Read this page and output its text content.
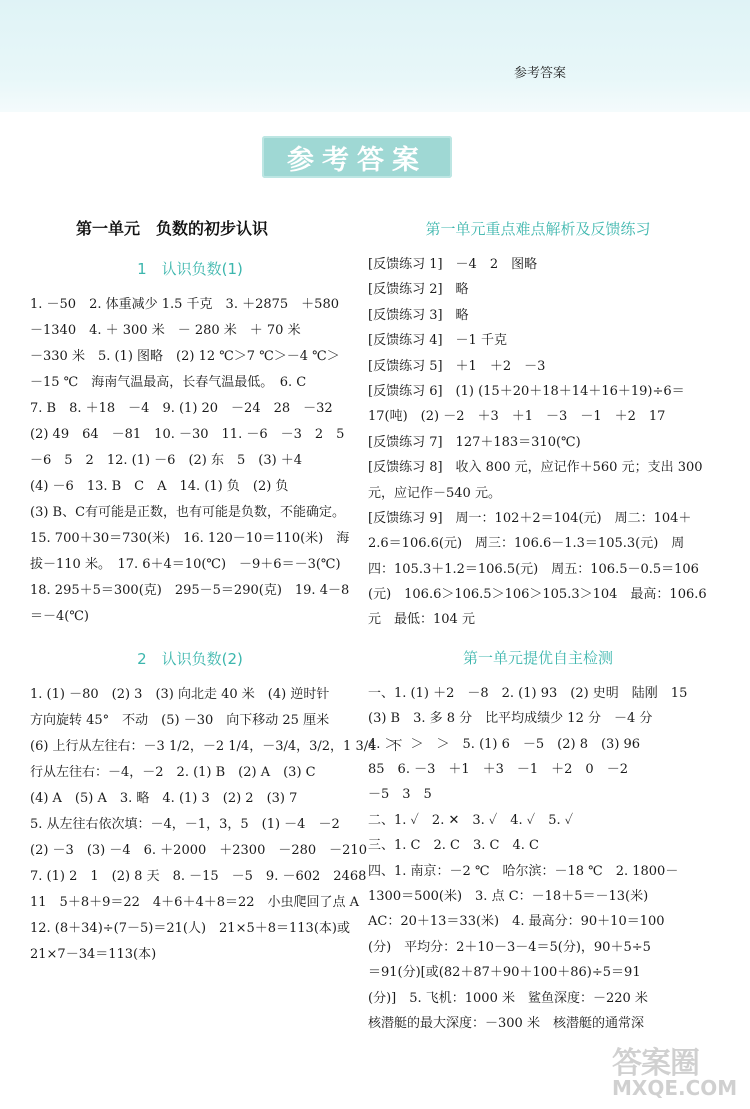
参考答案
参考答案
第一单元　负数的初步认识
1　认识负数(1)
1. －50　2. 体重减少 1.5 千克　3. ＋2875　＋580
－1340　4. ＋ 300 米　－ 280 米　＋ 70 米
－330 米　5. (1) 图略　(2) 12 ℃＞7 ℃＞－4 ℃＞
－15 ℃　海南气温最高，长春气温最低。　6. C
7. B　8. ＋18　－4　9. (1) 20　－24　28　－32
(2) 49　64　－81　10. －30　11. －6　－3　2　5
－6　5　2　12. (1) －6　(2) 东　5　(3) ＋4
(4) －6　13. B　C　A　14. (1) 负　(2) 负
(3) B、C有可能是正数，也有可能是负数，不能确定。
15. 700＋30＝730(米)　16. 120－10＝110(米)　海
拔－110 米。　17. 6＋4＝10(℃)　－9＋6＝－3(℃)
18. 295＋5＝300(克)　295－5＝290(克)　19. 4－8
＝－4(℃)
2　认识负数(2)
1. (1) －80　(2) 3　(3) 向北走 40 米　(4) 逆时针
方向旋转 45°　不动　(5) －30　向下移动 25 厘米
(6) 上行从左往右：－3 1/2，－2 1/4，－3/4，3/2，1 3/4　下
行从左往右：－4，－2　2. (1) B　(2) A　(3) C
(4) A　(5) A　3. 略　4. (1) 3　(2) 2　(3) 7
5. 从左往右依次填：－4，－1，3，5　(1) －4　－2
(2) －3　(3) －4　6. ＋2000　＋2300　－280　－210
7. (1) 2　1　(2) 8 天　8. －15　－5　9. －602　2468
11　5＋8＋9＝22　4＋6＋4＋8＝22　小虫爬回了点 A
12. (8＋34)÷(7－5)＝21(人)　21×5＋8＝113(本)或
21×7－34＝113(本)
第一单元重点难点解析及反馈练习
[反馈练习 1]　－4　2　图略
[反馈练习 2]　略
[反馈练习 3]　略
[反馈练习 4]　－1 千克
[反馈练习 5]　＋1　＋2　－3
[反馈练习 6]　(1) (15＋20＋18＋14＋16＋19)÷6＝
17(吨)　(2) －2　＋3　＋1　－3　－1　＋2　17
[反馈练习 7]　127＋183＝310(℃)
[反馈练习 8]　收入 800 元，应记作＋560 元；支出 300
元，应记作－540 元。
[反馈练习 9]　周一：102＋2＝104(元)　周二：104＋
2.6＝106.6(元)　周三：106.6－1.3＝105.3(元)　周
四：105.3＋1.2＝106.5(元)　周五：106.5－0.5＝106
(元)　106.6＞106.5＞106＞105.3＞104　最高：106.6
元　最低：104 元
第一单元提优自主检测
一、1. (1) ＋2　－8　2. (1) 93　(2) 史明　陆刚　15
(3) B　3. 多 8 分　比平均成绩少 12 分　－4 分
4. ＞　＞　＞　5. (1) 6　－5　(2) 8　(3) 96
85　6. －3　＋1　＋3　－1　＋2　0　－2
－5　3　5
二、1. ✓　2. ✕　3. ✓　4. ✓　5. ✓
三、1. C　2. C　3. C　4. C
四、1. 南京：－2 ℃　哈尔滨：－18 ℃　2. 1800－
1300＝500(米)　3. 点 C：－18＋5＝－13(米)
AC：20＋13＝33(米)　4. 最高分：90＋10＝100
(分)　平均分：2＋10－3－4＝5(分)，90＋5÷5
＝91(分)[或(82＋87＋90＋100＋86)÷5＝91
(分)]　5. 飞机：1000 米　鲨鱼深度：－220 米
核潜艇的最大深度：－300 米　核潜艇的通常深
答案圈
MXQE.COM
